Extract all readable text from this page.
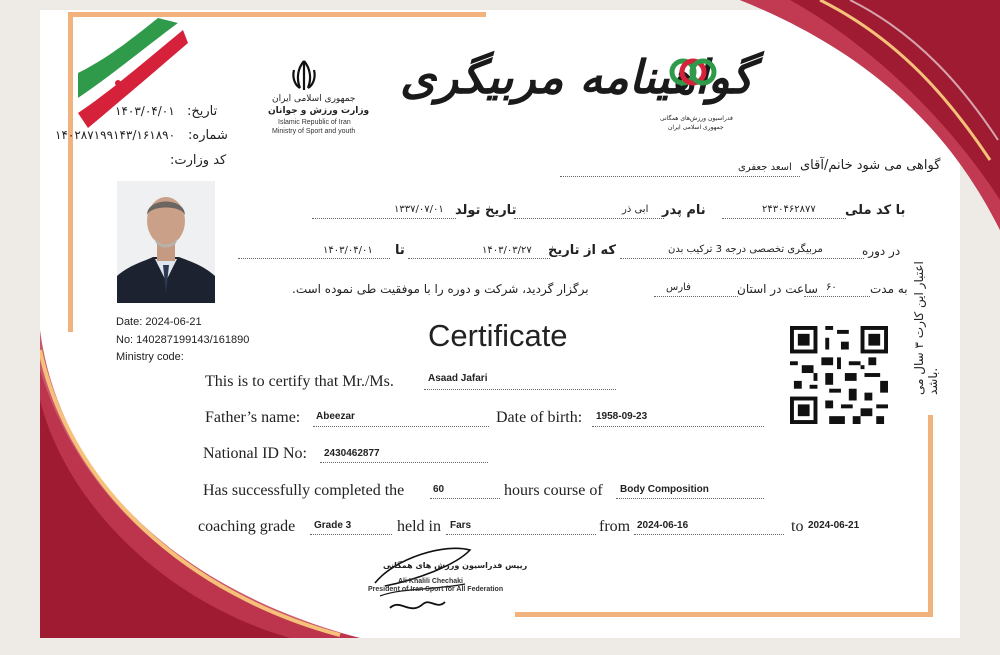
گواهینامه مربیگری
جمهوری اسلامی ایران
وزارت ورزش و جوانان
Islamic Republic of Iran
Ministry of Sport and youth
فدراسیون ورزش‌های همگانی
جمهوری اسلامی ایران
تاریخ:
۱۴۰۳/۰۴/۰۱
شماره:
۱۴۰۲۸۷۱۹۹۱۴۳/۱۶۱۸۹۰
کد وزارت:	گواهی می شود خانم/آقای
اسعد جعفری
با کد ملی
۲۴۳۰۴۶۲۸۷۷
نام پدر
ابی ذر
تاریخ تولد
۱۳۳۷/۰۷/۰۱
در دوره
مربیگری تخصصی درجه 3 ترکیب بدن
که از تاریخ
۱۴۰۳/۰۳/۲۷
تا
۱۴۰۳/۰۴/۰۱
به مدت
۶۰
ساعت در استان
فارس
برگزار گردید، شرکت و دوره را با موفقیت طی نموده است.
اعتبار این کارت ۳ سال می باشد.
Date: 2024-06-21
No: 140287199143/161890
Ministry code:
Certificate
This is to certify that Mr./Ms.	Asaad Jafari
Father’s name: Abeezar	Date of birth: 1958-09-23
National ID No: 2430462877
Has successfully completed the	60	hours course of Body Composition
coaching grade Grade 3	held in Fars	from 2024-06-16	to 2024-06-21
رییس فدراسیون ورزش های همگانی
Ali Khalili Chechaki
President of Iran Sport for All Federation
